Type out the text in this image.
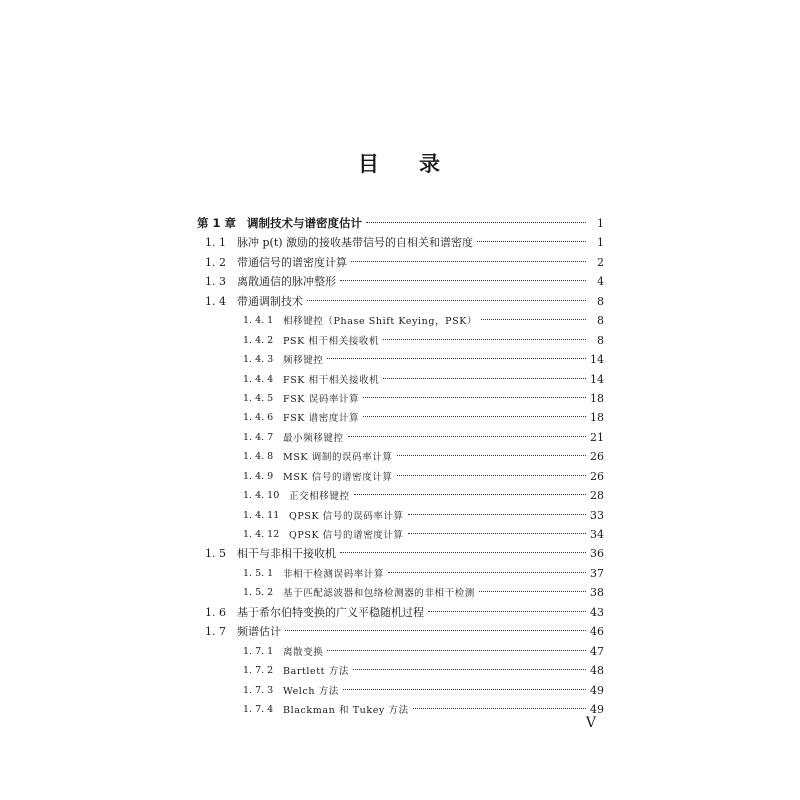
目 录
第 1 章 调制技术与谱密度估计	1
1. 1 脉冲 p(t) 激励的接收基带信号的自相关和谱密度	1
1. 2 带通信号的谱密度计算	2
1. 3 离散通信的脉冲整形	4
1. 4 带通调制技术	8
1. 4. 1 相移键控（Phase Shift Keying，PSK）	8
1. 4. 2 PSK 相干相关接收机	8
1. 4. 3 频移键控	14
1. 4. 4 FSK 相干相关接收机	14
1. 4. 5 FSK 误码率计算	18
1. 4. 6 FSK 谱密度计算	18
1. 4. 7 最小频移键控	21
1. 4. 8 MSK 调制的误码率计算	26
1. 4. 9 MSK 信号的谱密度计算	26
1. 4. 10 正交相移键控	28
1. 4. 11 QPSK 信号的误码率计算	33
1. 4. 12 QPSK 信号的谱密度计算	34
1. 5 相干与非相干接收机	36
1. 5. 1 非相干检测误码率计算	37
1. 5. 2 基于匹配滤波器和包络检测器的非相干检测	38
1. 6 基于希尔伯特变换的广义平稳随机过程	43
1. 7 频谱估计	46
1. 7. 1 离散变换	47
1. 7. 2 Bartlett 方法	48
1. 7. 3 Welch 方法	49
1. 7. 4 Blackman 和 Tukey 方法	49
V
